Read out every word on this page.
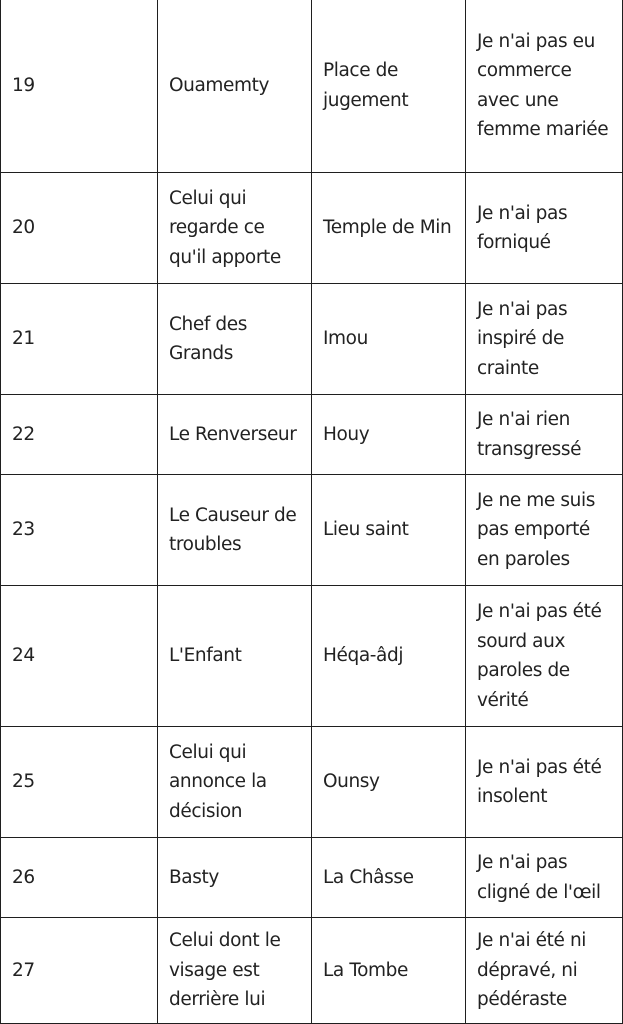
19	Ouamemty	Place de jugement	Je n'ai pas eu commerce avec une femme mariée
20	Celui qui regarde ce qu'il apporte	Temple de Min	Je n'ai pas forniqué
21	Chef des Grands	Imou	Je n'ai pas inspiré de crainte
22	Le Renverseur	Houy	Je n'ai rien transgressé
23	Le Causeur de troubles	Lieu saint	Je ne me suis pas emporté en paroles
24	L'Enfant	Héqa-âdj	Je n'ai pas été sourd aux paroles de vérité
25	Celui qui annonce la décision	Ounsy	Je n'ai pas été insolent
26	Basty	La Châsse	Je n'ai pas cligné de l'œil
27	Celui dont le visage est derrière lui	La Tombe	Je n'ai été ni dépravé, ni pédéraste
